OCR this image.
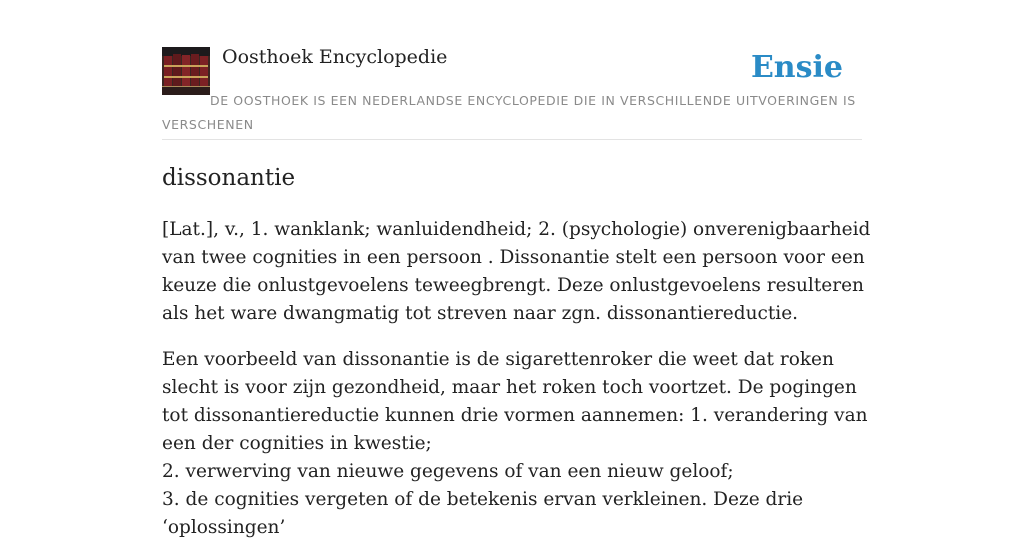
Oosthoek Encyclopedie	Ensie
DE OOSTHOEK IS EEN NEDERLANDSE ENCYCLOPEDIE DIE IN VERSCHILLENDE UITVOERINGEN IS VERSCHENEN
dissonantie

[Lat.], v., 1. wanklank; wanluidendheid; 2. (psychologie) onverenigbaarheid van twee cognities in een persoon . Dissonantie stelt een persoon voor een keuze die onlustgevoelens teweegbrengt. Deze onlustgevoelens resulteren als het ware dwangmatig tot streven naar zgn. dissonantiereductie.

Een voorbeeld van dissonantie is de sigarettenroker die weet dat roken slecht is voor zijn gezondheid, maar het roken toch voortzet. De pogingen tot dissonantiereductie kunnen drie vormen aannemen: 1. verandering van een der cognities in kwestie;
2. verwerving van nieuwe gegevens of van een nieuw geloof;
3. de cognities vergeten of de betekenis ervan verkleinen. Deze drie ‘oplossingen’
